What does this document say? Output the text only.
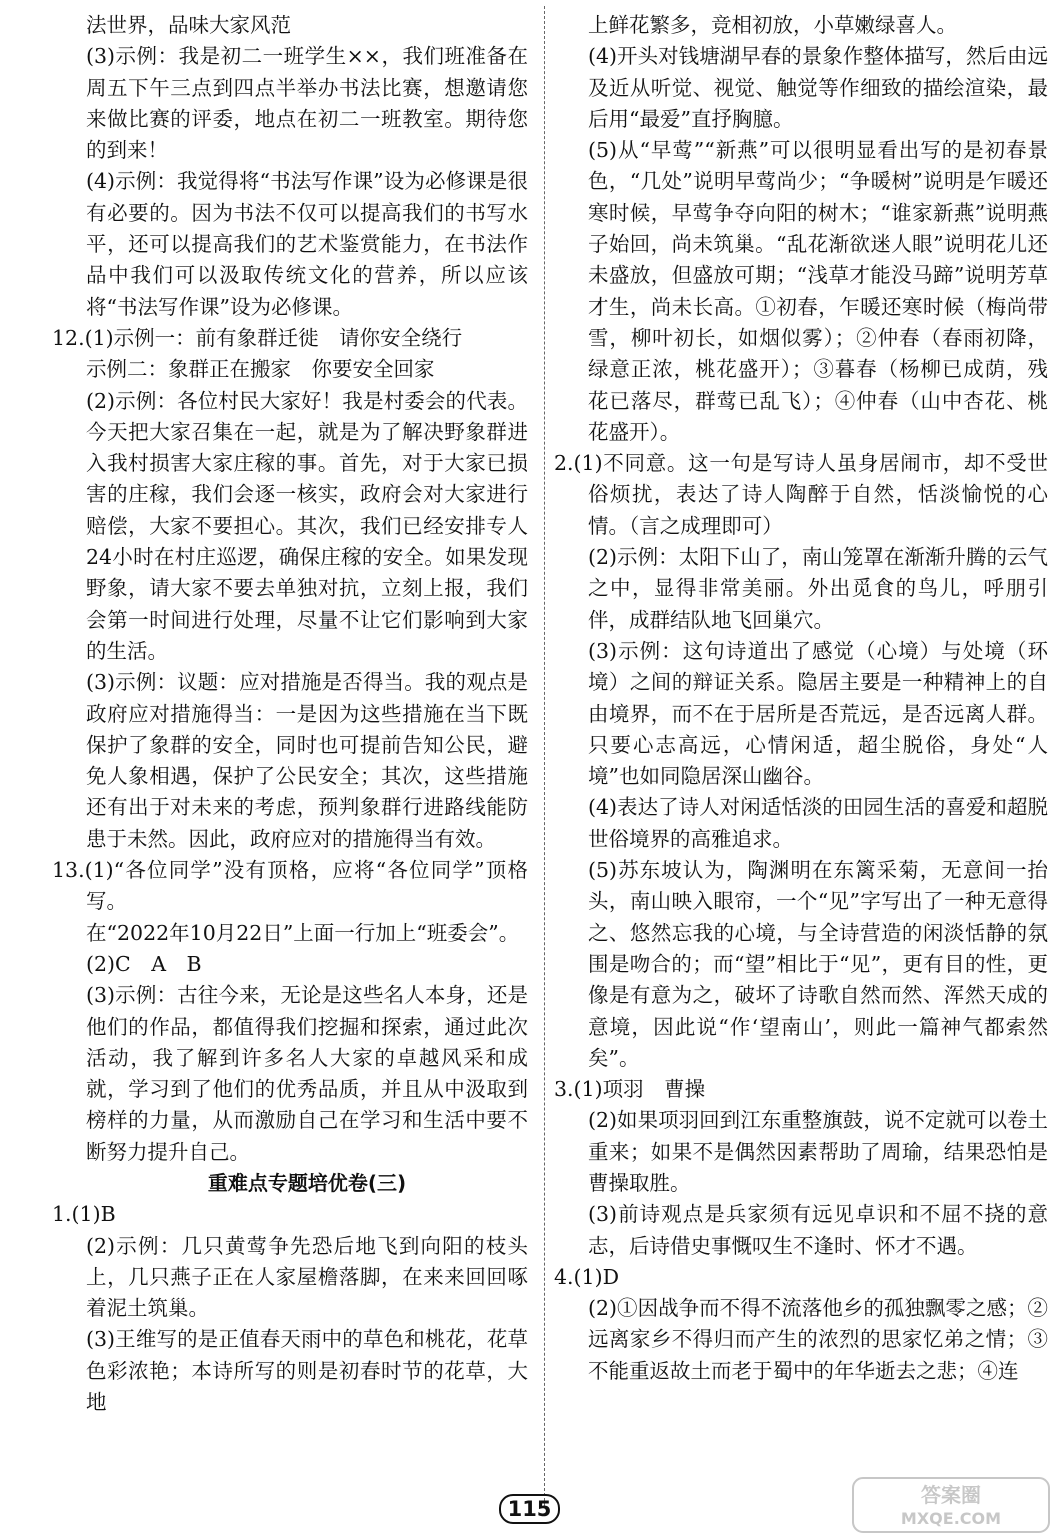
法世界，品味大家风范

(3)示例：我是初二一班学生××，我们班准备在周五下午三点到四点半举办书法比赛，想邀请您来做比赛的评委，地点在初二一班教室。期待您的到来！

(4)示例：我觉得将“书法写作课”设为必修课是很有必要的。因为书法不仅可以提高我们的书写水平，还可以提高我们的艺术鉴赏能力，在书法作品中我们可以汲取传统文化的营养，所以应该将“书法写作课”设为必修课。

12.(1)示例一：前有象群迁徙　请你安全绕行

示例二：象群正在搬家　你要安全回家

(2)示例：各位村民大家好！我是村委会的代表。今天把大家召集在一起，就是为了解决野象群进入我村损害大家庄稼的事。首先，对于大家已损害的庄稼，我们会逐一核实，政府会对大家进行赔偿，大家不要担心。其次，我们已经安排专人24小时在村庄巡逻，确保庄稼的安全。如果发现野象，请大家不要去单独对抗，立刻上报，我们会第一时间进行处理，尽量不让它们影响到大家的生活。

(3)示例：议题：应对措施是否得当。我的观点是政府应对措施得当：一是因为这些措施在当下既保护了象群的安全，同时也可提前告知公民，避免人象相遇，保护了公民安全；其次，这些措施还有出于对未来的考虑，预判象群行进路线能防患于未然。因此，政府应对的措施得当有效。

13.(1)“各位同学”没有顶格，应将“各位同学”顶格写。

在“2022年10月22日”上面一行加上“班委会”。

(2)C　A　B

(3)示例：古往今来，无论是这些名人本身，还是他们的作品，都值得我们挖掘和探索，通过此次活动，我了解到许多名人大家的卓越风采和成就，学习到了他们的优秀品质，并且从中汲取到榜样的力量，从而激励自己在学习和生活中要不断努力提升自己。

重难点专题培优卷(三)

1.(1)B

(2)示例：几只黄莺争先恐后地飞到向阳的枝头上，几只燕子正在人家屋檐落脚，在来来回回啄着泥土筑巢。

(3)王维写的是正值春天雨中的草色和桃花，花草色彩浓艳；本诗所写的则是初春时节的花草，大地

上鲜花繁多，竞相初放，小草嫩绿喜人。

(4)开头对钱塘湖早春的景象作整体描写，然后由远及近从听觉、视觉、触觉等作细致的描绘渲染，最后用“最爱”直抒胸臆。

(5)从“早莺”“新燕”可以很明显看出写的是初春景色，“几处”说明早莺尚少；“争暖树”说明是乍暖还寒时候，早莺争夺向阳的树木；“谁家新燕”说明燕子始回，尚未筑巢。“乱花渐欲迷人眼”说明花儿还未盛放，但盛放可期；“浅草才能没马蹄”说明芳草才生，尚未长高。①初春，乍暖还寒时候（梅尚带雪，柳叶初长，如烟似雾）；②仲春（春雨初降，绿意正浓，桃花盛开）；③暮春（杨柳已成荫，残花已落尽，群莺已乱飞）；④仲春（山中杏花、桃花盛开）。

2.(1)不同意。这一句是写诗人虽身居闹市，却不受世俗烦扰，表达了诗人陶醉于自然，恬淡愉悦的心情。（言之成理即可）

(2)示例：太阳下山了，南山笼罩在渐渐升腾的云气之中，显得非常美丽。外出觅食的鸟儿，呼朋引伴，成群结队地飞回巢穴。

(3)示例：这句诗道出了感觉（心境）与处境（环境）之间的辩证关系。隐居主要是一种精神上的自由境界，而不在于居所是否荒远，是否远离人群。只要心志高远，心情闲适，超尘脱俗，身处“人境”也如同隐居深山幽谷。

(4)表达了诗人对闲适恬淡的田园生活的喜爱和超脱世俗境界的高雅追求。

(5)苏东坡认为，陶渊明在东篱采菊，无意间一抬头，南山映入眼帘，一个“见”字写出了一种无意得之、悠然忘我的心境，与全诗营造的闲淡恬静的氛围是吻合的；而“望”相比于“见”，更有目的性，更像是有意为之，破坏了诗歌自然而然、浑然天成的意境，因此说“作‘望南山’，则此一篇神气都索然矣”。

3.(1)项羽　曹操

(2)如果项羽回到江东重整旗鼓，说不定就可以卷土重来；如果不是偶然因素帮助了周瑜，结果恐怕是曹操取胜。

(3)前诗观点是兵家须有远见卓识和不屈不挠的意志，后诗借史事慨叹生不逢时、怀才不遇。

4.(1)D

(2)①因战争而不得不流落他乡的孤独飘零之感；②远离家乡不得归而产生的浓烈的思家忆弟之情；③不能重返故土而老于蜀中的年华逝去之悲；④连

115
答案圈
MXQE.COM
